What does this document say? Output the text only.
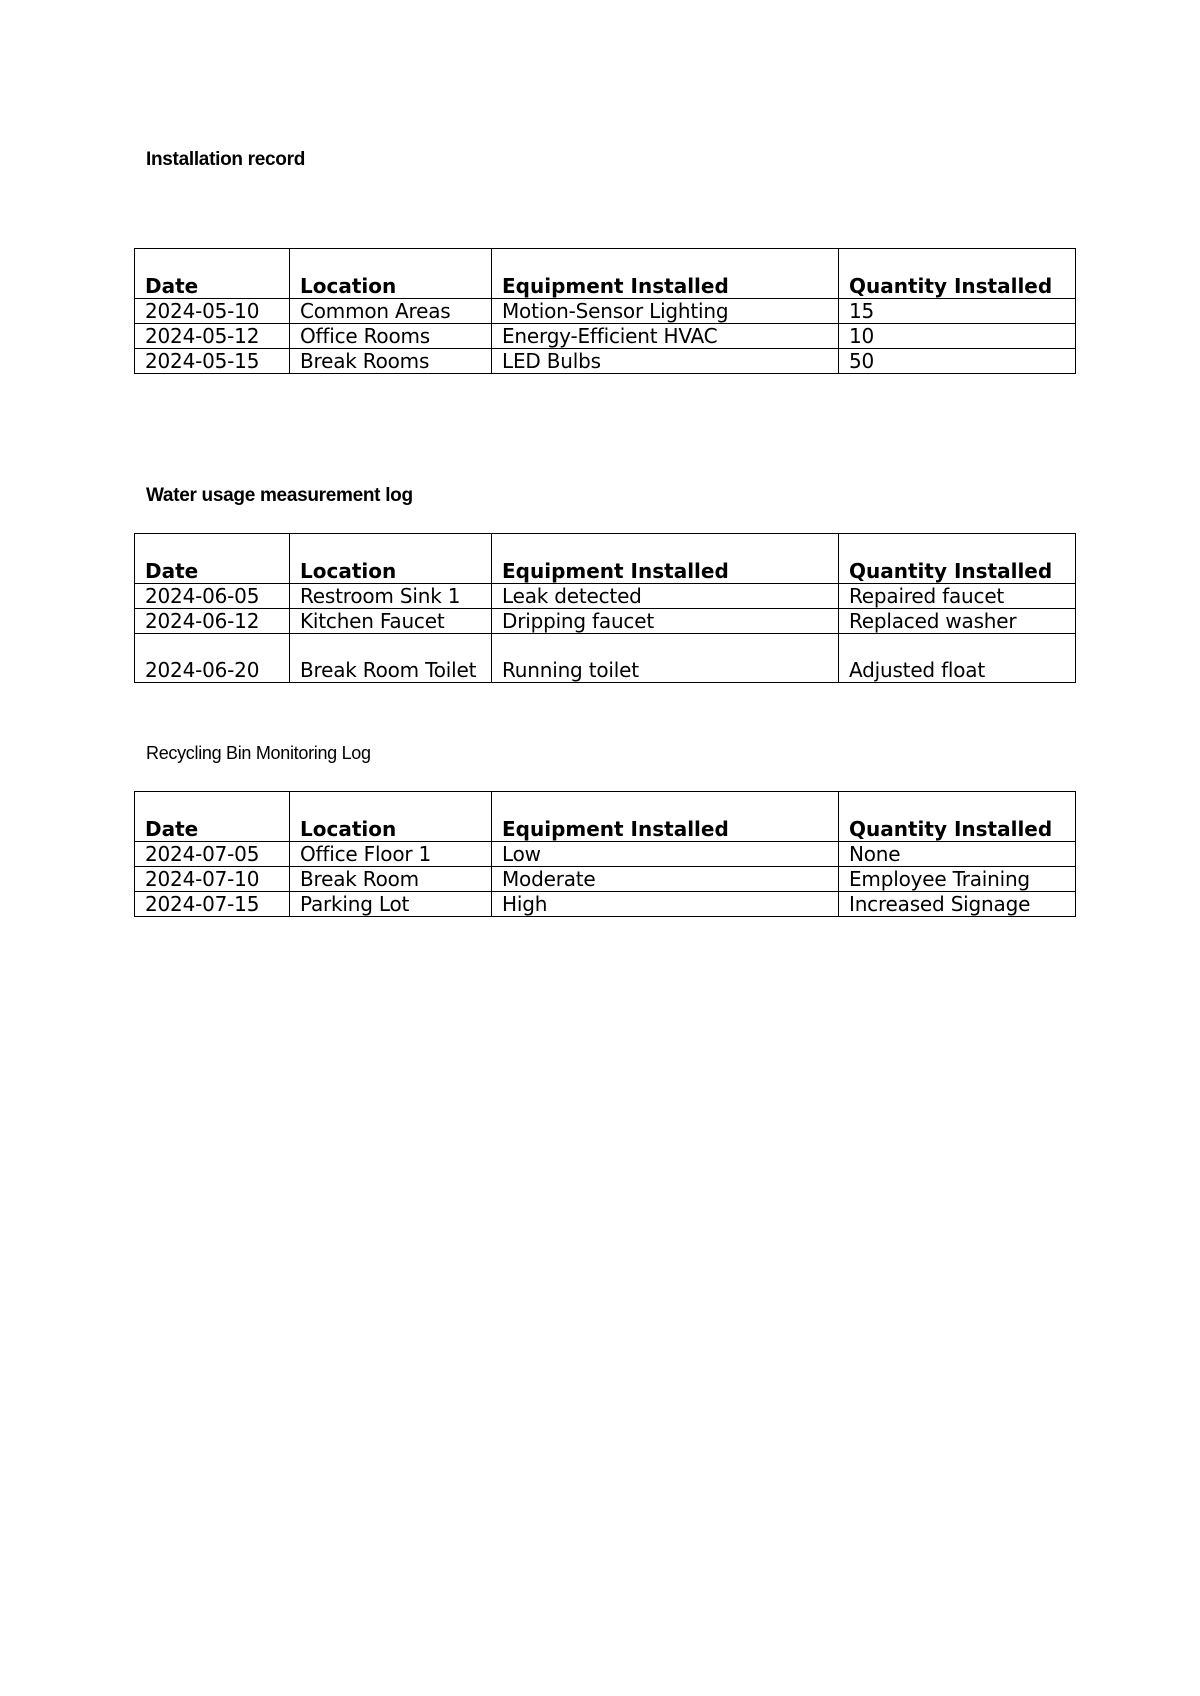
Installation record
Date	Location	Equipment Installed	Quantity Installed
2024-05-10	Common Areas	Motion-Sensor Lighting	15
2024-05-12	Office Rooms	Energy-Efficient HVAC	10
2024-05-15	Break Rooms	LED Bulbs	50
Water usage measurement log
Date	Location	Equipment Installed	Quantity Installed
2024-06-05	Restroom Sink 1	Leak detected	Repaired faucet
2024-06-12	Kitchen Faucet	Dripping faucet	Replaced washer
2024-06-20	Break Room Toilet	Running toilet	Adjusted float
Recycling Bin Monitoring Log
Date	Location	Equipment Installed	Quantity Installed
2024-07-05	Office Floor 1	Low	None
2024-07-10	Break Room	Moderate	Employee Training
2024-07-15	Parking Lot	High	Increased Signage
